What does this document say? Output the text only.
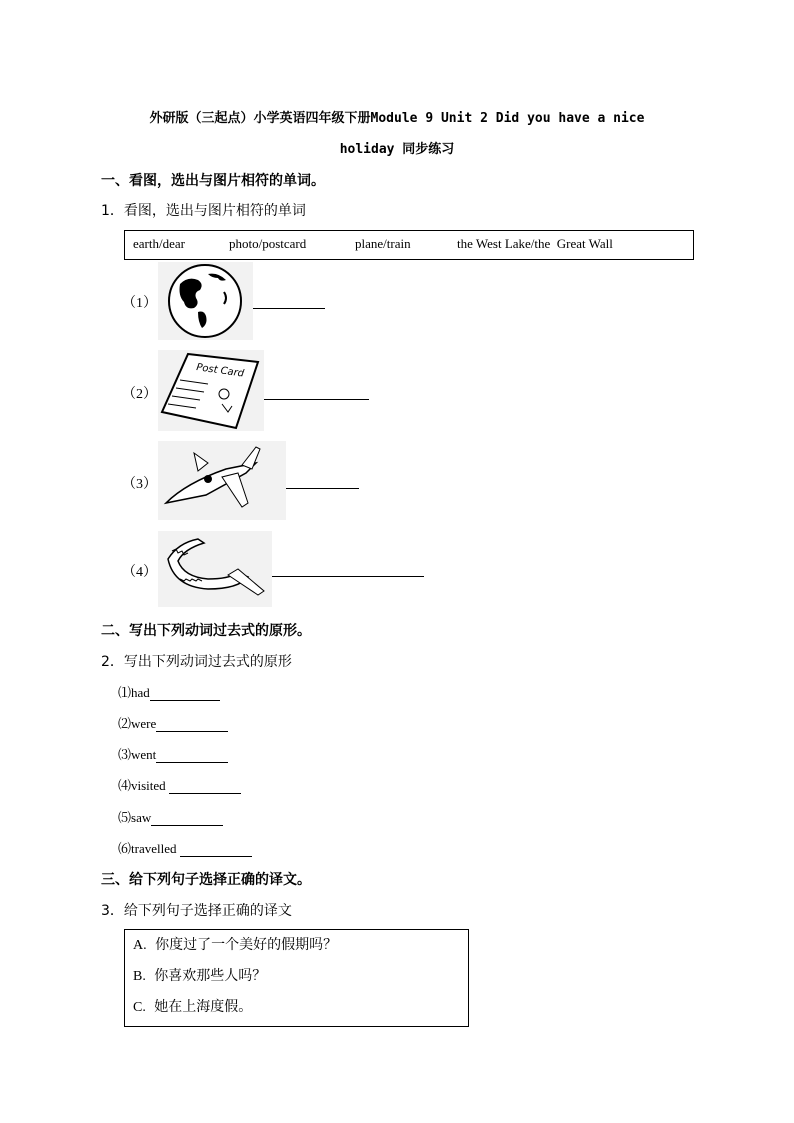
外研版（三起点）小学英语四年级下册Module 9 Unit 2 Did you have a nice
holiday 同步练习
一、看图，选出与图片相符的单词。
1．看图，选出与图片相符的单词
earth/dear	photo/postcard	plane/train	the West Lake/the  Great Wall
（1）
（2）
Post Card
（3）
（4）
二、写出下列动词过去式的原形。
2．写出下列动词过去式的原形
⑴had
⑵were
⑶went
⑷visited
⑸saw
⑹travelled
三、给下列句子选择正确的译文。
3．给下列句子选择正确的译文
A. 你度过了一个美好的假期吗？
B. 你喜欢那些人吗？
C. 她在上海度假。
